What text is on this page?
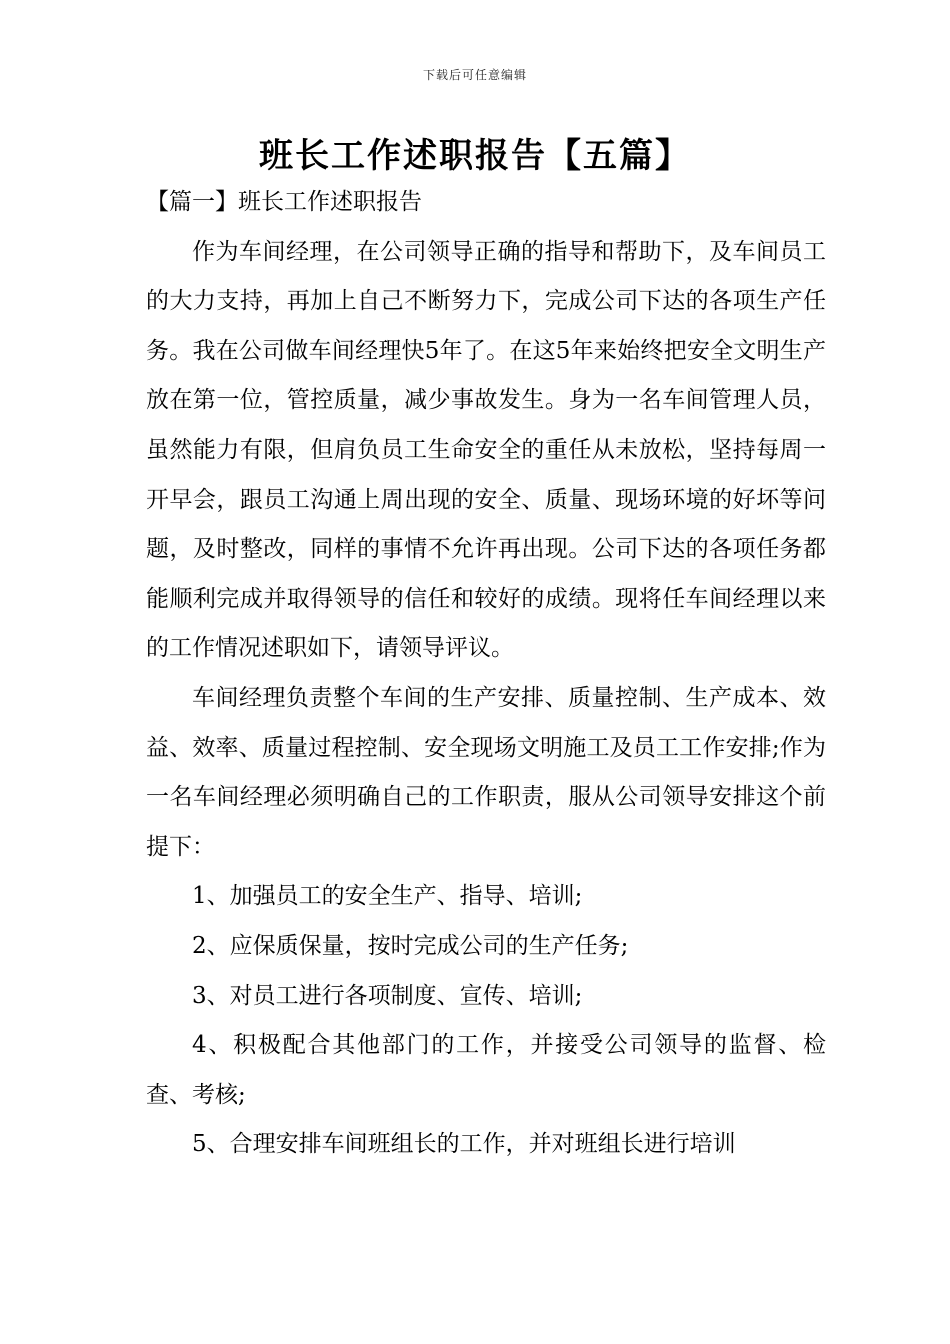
下载后可任意编辑
班长工作述职报告【五篇】

【篇一】班长工作述职报告

作为车间经理，在公司领导正确的指导和帮助下，及车间员工的大力支持，再加上自己不断努力下，完成公司下达的各项生产任务。我在公司做车间经理快5年了。在这5年来始终把安全文明生产放在第一位，管控质量，减少事故发生。身为一名车间管理人员，虽然能力有限，但肩负员工生命安全的重任从未放松，坚持每周一开早会，跟员工沟通上周出现的安全、质量、现场环境的好坏等问题，及时整改，同样的事情不允许再出现。公司下达的各项任务都能顺利完成并取得领导的信任和较好的成绩。现将任车间经理以来的工作情况述职如下，请领导评议。

车间经理负责整个车间的生产安排、质量控制、生产成本、效益、效率、质量过程控制、安全现场文明施工及员工工作安排;作为一名车间经理必须明确自己的工作职责，服从公司领导安排这个前提下：

1、加强员工的安全生产、指导、培训;

2、应保质保量，按时完成公司的生产任务;

3、对员工进行各项制度、宣传、培训;

4、积极配合其他部门的工作，并接受公司领导的监督、检查、考核;

5、合理安排车间班组长的工作，并对班组长进行培训
